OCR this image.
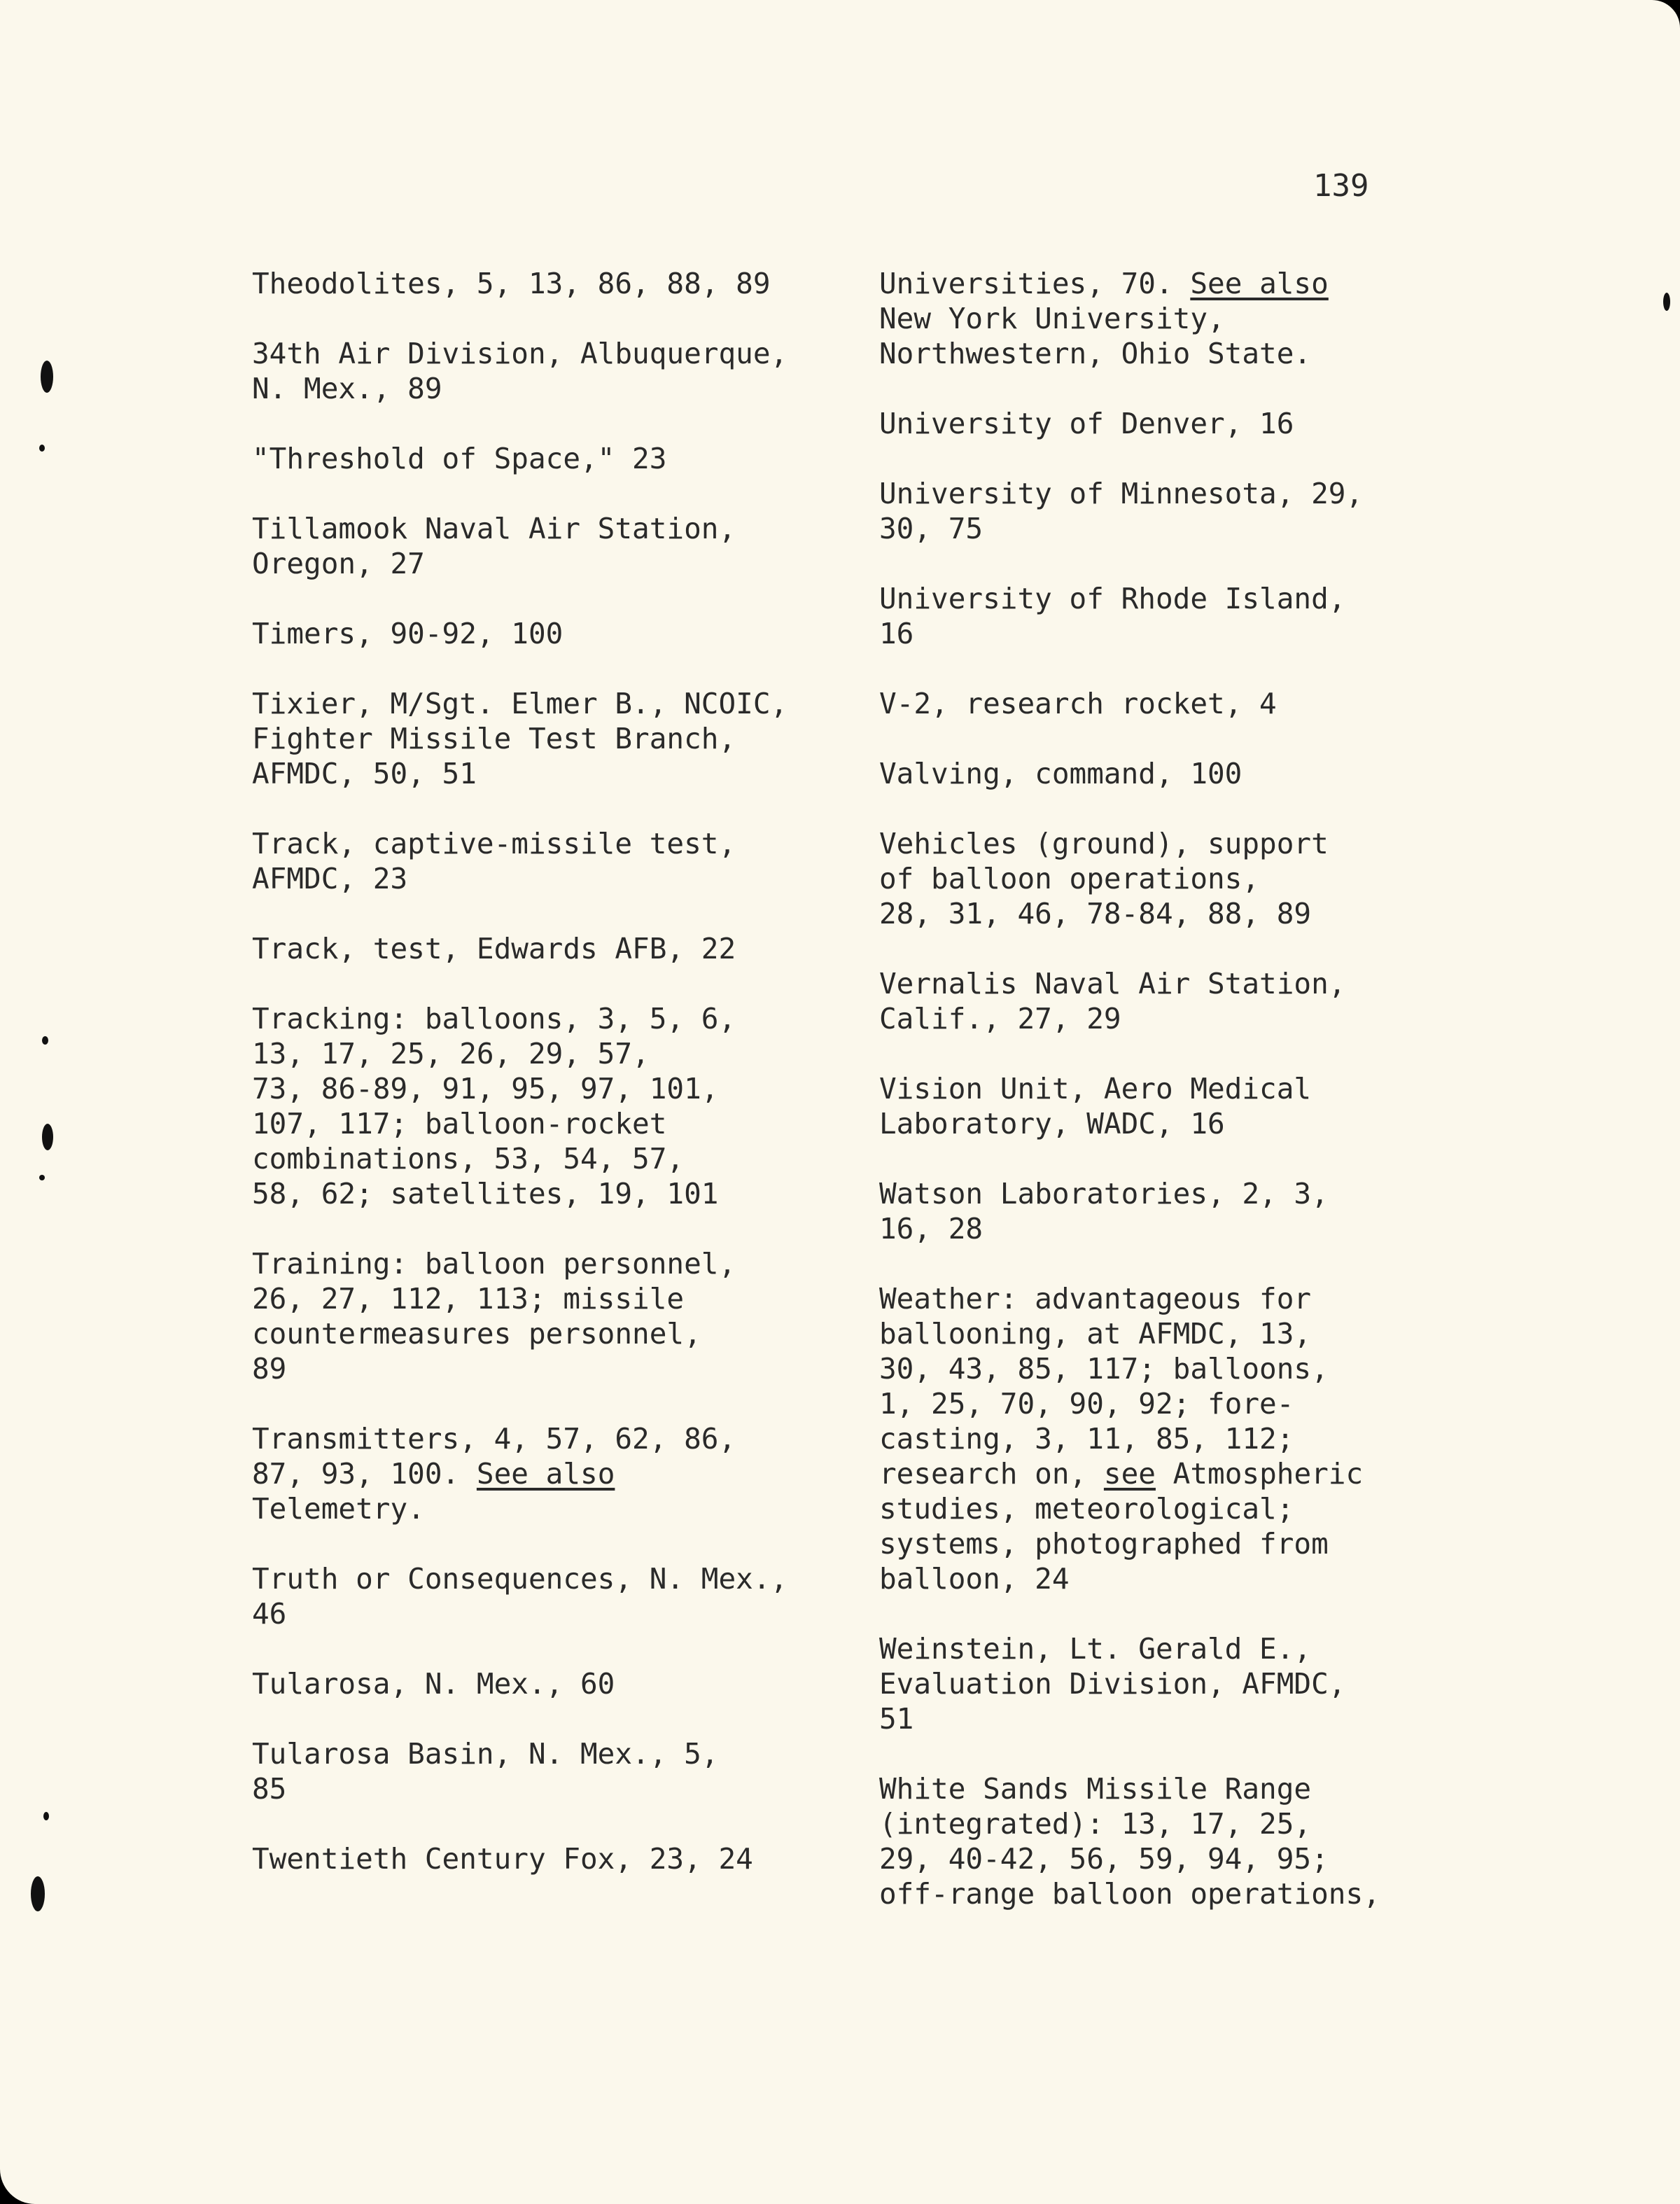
139
Theodolites, 5, 13, 86, 88, 89
34th Air Division, Albuquerque,
N. Mex., 89
"Threshold of Space," 23
Tillamook Naval Air Station,
Oregon, 27
Timers, 90-92, 100
Tixier, M/Sgt. Elmer B., NCOIC,
Fighter Missile Test Branch,
AFMDC, 50, 51
Track, captive-missile test,
AFMDC, 23
Track, test, Edwards AFB, 22
Tracking: balloons, 3, 5, 6,
13, 17, 25, 26, 29, 57,
73, 86-89, 91, 95, 97, 101,
107, 117; balloon-rocket
combinations, 53, 54, 57,
58, 62; satellites, 19, 101
Training: balloon personnel,
26, 27, 112, 113; missile
countermeasures personnel,
89
Transmitters, 4, 57, 62, 86,
87, 93, 100. See also
Telemetry.
Truth or Consequences, N. Mex.,
46
Tularosa, N. Mex., 60
Tularosa Basin, N. Mex., 5,
85
Twentieth Century Fox, 23, 24
Universities, 70. See also
New York University,
Northwestern, Ohio State.
University of Denver, 16
University of Minnesota, 29,
30, 75
University of Rhode Island,
16
V-2, research rocket, 4
Valving, command, 100
Vehicles (ground), support
of balloon operations,
28, 31, 46, 78-84, 88, 89
Vernalis Naval Air Station,
Calif., 27, 29
Vision Unit, Aero Medical
Laboratory, WADC, 16
Watson Laboratories, 2, 3,
16, 28
Weather: advantageous for
ballooning, at AFMDC, 13,
30, 43, 85, 117; balloons,
1, 25, 70, 90, 92; fore-
casting, 3, 11, 85, 112;
research on, see Atmospheric
studies, meteorological;
systems, photographed from
balloon, 24
Weinstein, Lt. Gerald E.,
Evaluation Division, AFMDC,
51
White Sands Missile Range
(integrated): 13, 17, 25,
29, 40-42, 56, 59, 94, 95;
off-range balloon operations,
